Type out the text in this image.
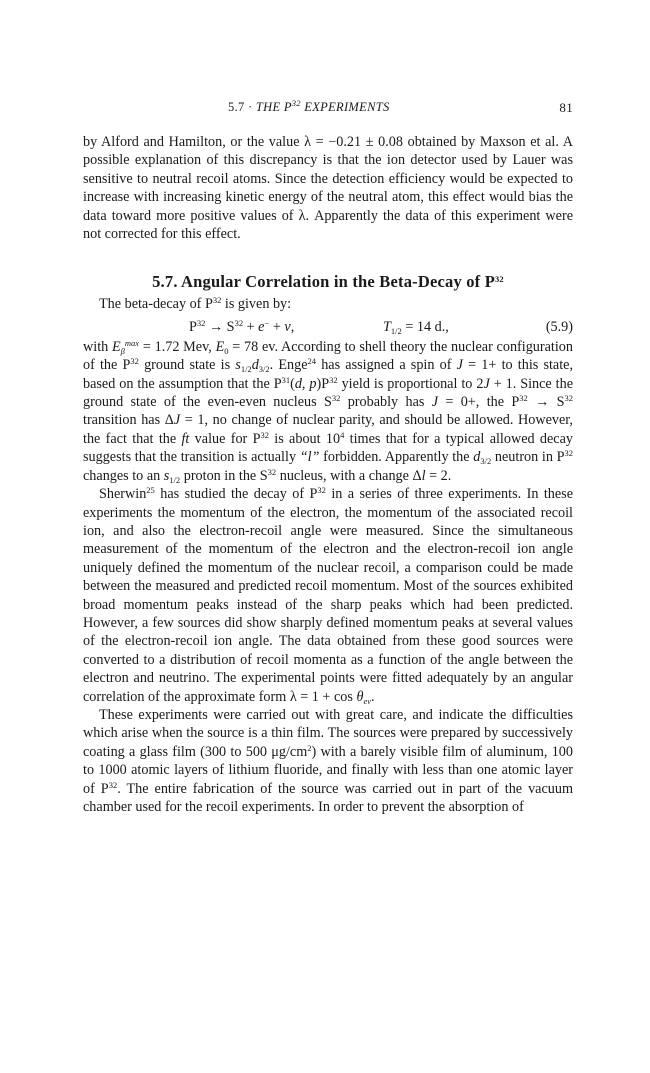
5.7 · THE $P^{32}$ EXPERIMENTS	81

by Alford and Hamilton, or the value λ = −0.21 ± 0.08 obtained by Maxson et al. A possible explanation of this discrepancy is that the ion detector used by Lauer was sensitive to neutral recoil atoms. Since the detection efficiency would be expected to increase with increasing kinetic energy of the neutral atom, this effect would bias the data toward more positive values of λ. Apparently the data of this experiment were not corrected for this effect.

5.7. Angular Correlation in the Beta-Decay of $P^{32}$

The beta-decay of $P^{32}$ is given by:

$P^{32} \to S^{32} + e^- + \nu$,	$T_{1/2} = 14$ d.,	(5.9)

with $E_\beta^{max} = 1.72$ Mev, $E_0 = 78$ ev. According to shell theory the nuclear configuration of the $P^{32}$ ground state is $s_{1/2}d_{3/2}$. Enge$^{24}$ has assigned a spin of J = 1+ to this state, based on the assumption that the $P^{31}(d$, $p)P^{32}$ yield is proportional to 2J + 1. Since the ground state of the even-even nucleus $S^{32}$ probably has J = 0+, the $P^{32} \to S^{32}$ transition has ΔJ = 1, no change of nuclear parity, and should be allowed. However, the fact that the ft value for $P^{32}$ is about $10^4$ times that for a typical allowed decay suggests that the transition is actually “l” forbidden. Apparently the $d_{3/2}$ neutron in $P^{32}$ changes to an $s_{1/2}$ proton in the $S^{32}$ nucleus, with a change Δl = 2.

Sherwin$^{25}$ has studied the decay of $P^{32}$ in a series of three experiments. In these experiments the momentum of the electron, the momentum of the associated recoil ion, and also the electron-recoil angle were measured. Since the simultaneous measurement of the momentum of the electron and the electron-recoil ion angle uniquely defined the momentum of the nuclear recoil, a comparison could be made between the measured and predicted recoil momentum. Most of the sources exhibited broad momentum peaks instead of the sharp peaks which had been predicted. However, a few sources did show sharply defined momentum peaks at several values of the electron-recoil ion angle. The data obtained from these good sources were converted to a distribution of recoil momenta as a function of the angle between the electron and neutrino. The experimental points were fitted adequately by an angular correlation of the approximate form $\lambda = 1 + \cos \theta_{e\nu}$.

These experiments were carried out with great care, and indicate the difficulties which arise when the source is a thin film. The sources were prepared by successively coating a glass film (300 to 500 $\mu g/cm^2$) with a barely visible film of aluminum, 100 to 1000 atomic layers of lithium fluoride, and finally with less than one atomic layer of $P^{32}$. The entire fabrication of the source was carried out in part of the vacuum chamber used for the recoil experiments. In order to prevent the absorption of
